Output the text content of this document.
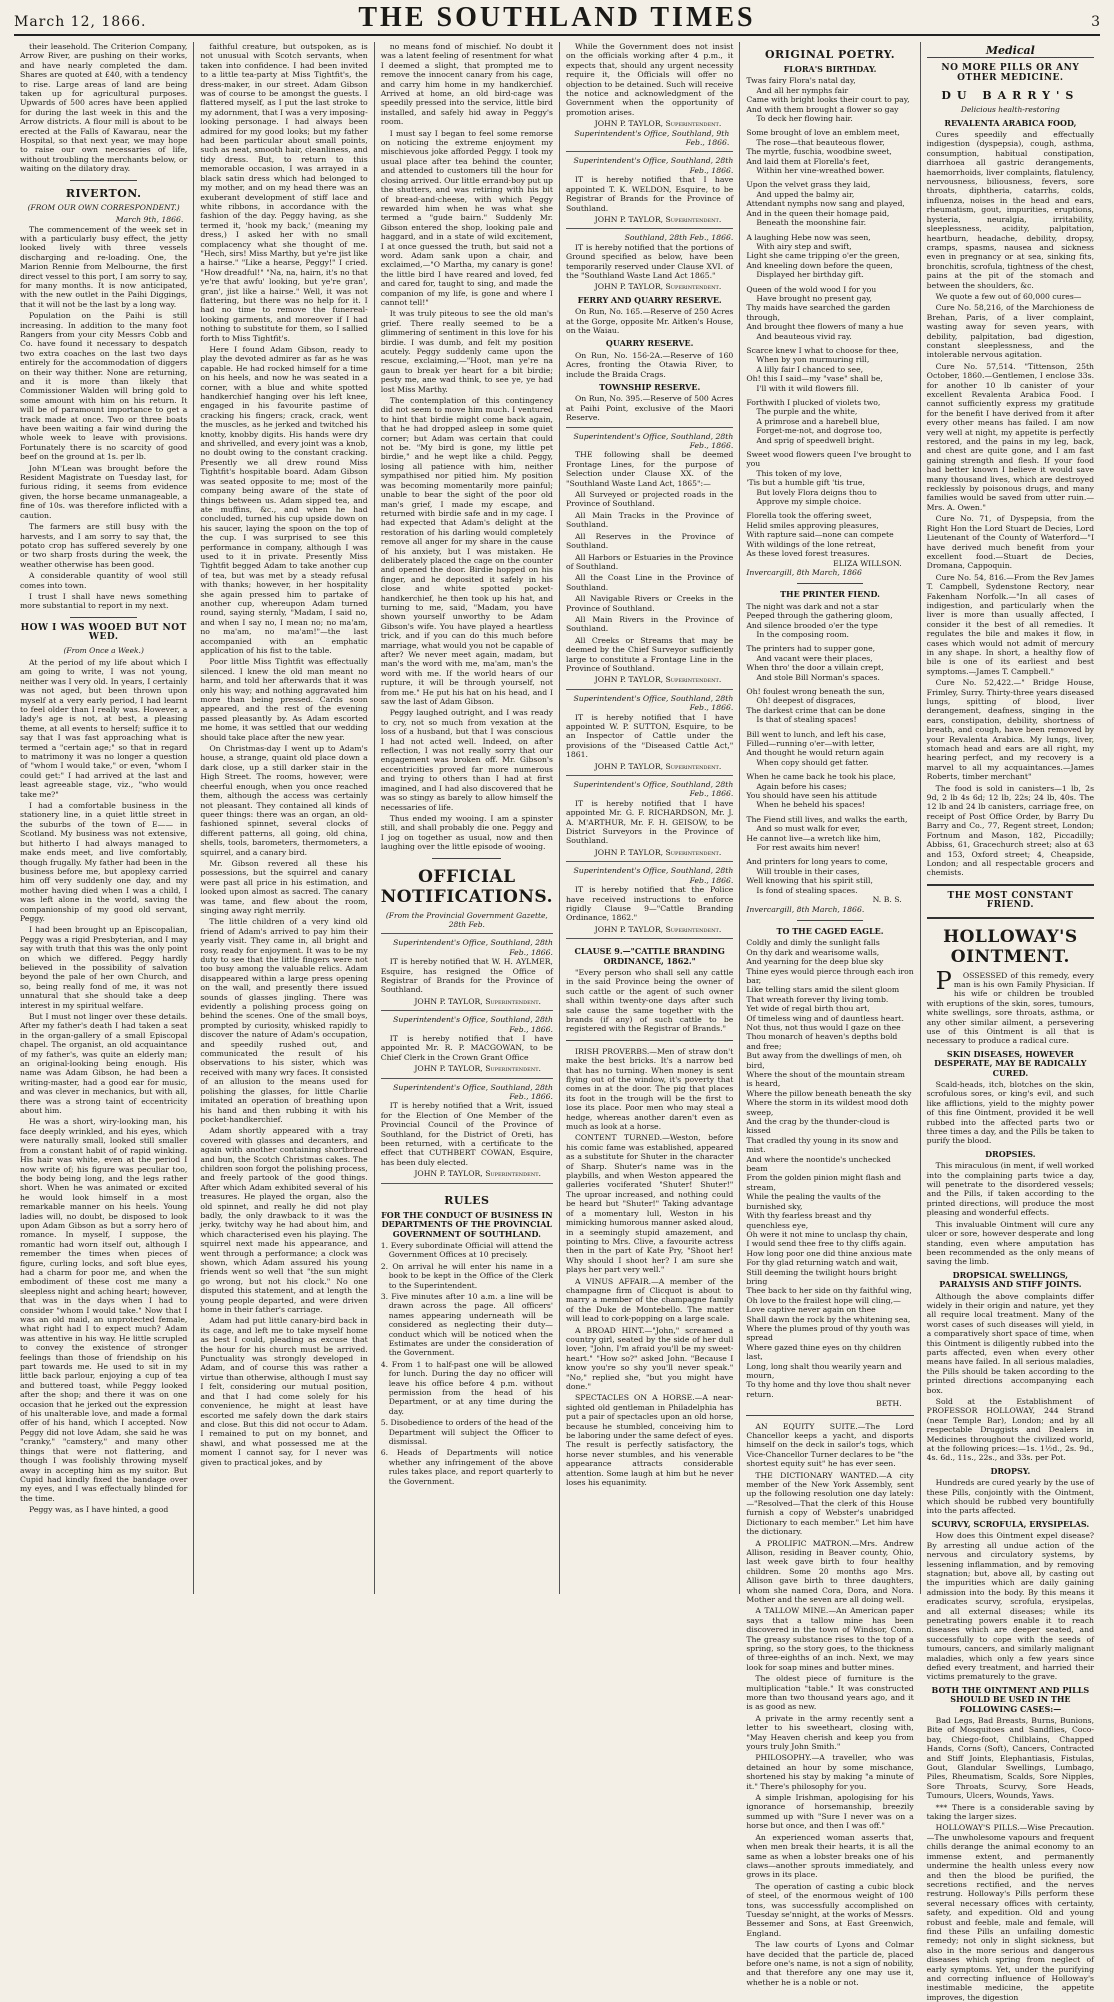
March 12, 1866.	THE SOUTHLAND TIMES	3

their leasehold. The Criterion Company, Arrow River, are pushing on their works, and have nearly completed the dam. Shares are quoted at £40, with a tendency to rise. Large areas of land are being taken up for agricultural purposes. Upwards of 500 acres have been applied for during the last week in this and the Arrow districts. A flour mill is about to be erected at the Falls of Kawarau, near the Hospital, so that next year, we may hope to raise our own necessaries of life, without troubling the merchants below, or waiting on the dilatory dray.

RIVERTON.
(FROM OUR OWN CORRESPONDENT.)
March 9th, 1866.

The commencement of the week set in with a particularly busy effect, the jetty looked lively with three vessels discharging and re-loading. One, the Marion Rennie from Melbourne, the first direct vessel to this port, I am sorry to say, for many months. It is now anticipated, with the new outlet in the Paihi Diggings, that it will not be the last by a long way.

Population on the Paihi is still increasing. In addition to the many foot Rangers from your city Messrs Cobb and Co. have found it necessary to despatch two extra coaches on the last two days entirely for the accommodation of diggers on their way thither. None are returning, and it is more than likely that Commissioner Walden will bring gold to some amount with him on his return. It will be of paramount importance to get a track made at once. Two or three boats have been waiting a fair wind during the whole week to leave with provisions. Fortunately there is no scarcity of good beef on the ground at 1s. per lb.

John M'Lean was brought before the Resident Magistrate on Tuesday last, for furious riding, it seems from evidence given, the horse became unmanageable, a fine of 10s. was therefore inflicted with a caution.

The farmers are still busy with the harvests, and I am sorry to say that, the potato crop has suffered severely by one or two sharp frosts during the week, the weather otherwise has been good.

A considerable quantity of wool still comes into town.

I trust I shall have news something more substantial to report in my next.

HOW I WAS WOOED BUT NOT WED.
(From Once a Week.)

At the period of my life about which I am going to write, I was not young, neither was I very old. In years, I certainly was not aged, but been thrown upon myself at a very early period, I had learnt to feel older than I really was. However, a lady's age is not, at best, a pleasing theme, at all events to herself; suffice it to say that I was fast approaching what is termed a "certain age;" so that in regard to matrimony it was no longer a question of "whom I would take," or even, "whom I could get:" I had arrived at the last and least agreeable stage, viz., "who would take me?"

I had a comfortable business in the stationery line, in a quiet little street in the suburbs of the town of E—— in Scotland. My business was not extensive, but hitherto I had always managed to make ends meet, and live comfortably, though frugally. My father had been in the business before me, but apoplexy carried him off very suddenly one day, and my mother having died when I was a child, I was left alone in the world, saving the companionship of my good old servant, Peggy.

I had been brought up an Episcopalian, Peggy was a rigid Presbyterian, and I may say with truth that this was the only point on which we differed. Peggy hardly believed in the possibility of salvation beyond the pale of her own Church, and so, being really fond of me, it was not unnatural that she should take a deep interest in my spiritual welfare.

But I must not linger over these details. After my father's death I had taken a seat in the organ-gallery of a small Episcopal chapel. The organist, an old acquaintance of my father's, was quite an elderly man; an original-looking being enough. His name was Adam Gibson, he had been a writing-master, had a good ear for music, and was clever in mechanics, but with all, there was a strong taint of eccentricity about him.

He was a short, wiry-looking man, his face deeply wrinkled, and his eyes, which were naturally small, looked still smaller from a constant habit of of rapid winking. His hair was white, even at the period I now write of; his figure was peculiar too, the body being long, and the legs rather short. When he was animated or excited he would look himself in a most remarkable manner on his heels. Young ladies will, no doubt, be disposed to look upon Adam Gibson as but a sorry hero of romance. In myself, I suppose, the romantic had worn itself out, although I remember the times when pieces of figure, curling locks, and soft blue eyes, had a charm for poor me, and when the embodiment of these cost me many a sleepless night and aching heart; however, that was in the days when I had to consider "whom I would take." Now that I was an old maid, an unprotected female, what right had I to expect much? Adam was attentive in his way. He little scrupled to convey the existence of stronger feelings than those of friendship on his part towards me. He used to sit in my little back parlour, enjoying a cup of tea and buttered toast, while Peggy looked after the shop; and there it was on one occasion that he jerked out the expression of his unalterable love, and made a formal offer of his hand, which I accepted. Now Peggy did not love Adam, she said he was "cranky," "camstery," and many other things that were not flattering, and though I was foolishly throwing myself away in accepting him as my suitor. But Cupid had kindly fixed the bandage over my eyes, and I was effectually blinded for the time.

Peggy was, as I have hinted, a good

faithful creature, but outspoken, as is not unusual with Scotch servants, when taken into confidence. I had been invited to a little tea-party at Miss Tightfit's, the dress-maker, in our street. Adam Gibson was of course to be amongst the guests. I flattered myself, as I put the last stroke to my adornment, that I was a very imposing-looking personage. I had always been admired for my good looks; but my father had been particular about small points, such as neat, smooth hair, cleanliness, and tidy dress. But, to return to this memorable occasion, I was arrayed in a black satin dress which had belonged to my mother, and on my head there was an exuberant development of stiff lace and white ribbons, in accordance with the fashion of the day. Peggy having, as she termed it, 'hook my back,' (meaning my dress,) I asked her with no small complacency what she thought of me. "Hech, sirs! Miss Marthy, but ye're jist like a hairse." "Like a hearse, Peggy!" I cried. "How dreadful!" "Na, na, hairn, it's no that ye're that awfu' looking, but ye're gran', gran', jist like a hairse." Well, it was not flattering, but there was no help for it. I had no time to remove the funereal-looking garments, and moreover if I had nothing to substitute for them, so I sallied forth to Miss Tightfit's.

Here I found Adam Gibson, ready to play the devoted admirer as far as he was capable. He had rocked himself for a time on his heels, and now he was seated in a corner, with a blue and white spotted handkerchief hanging over his left knee, engaged in his favourite pastime of cracking his fingers; crack, crack, went the muscles, as he jerked and twitched his knotty, knobby digits. His hands were dry and shrivelled, and every joint was a knob, no doubt owing to the constant cracking. Presently we all drew round Miss Tightfit's hospitable board. Adam Gibson was seated opposite to me; most of the company being aware of the state of things between us. Adam sipped tea, and ate muffins, &c., and when he had concluded, turned his cup upside down on his saucer, laying the spoon on the top of the cup. I was surprised to see this performance in company, although I was used to it in private. Presently Miss Tightfit begged Adam to take another cup of tea, but was met by a steady refusal with thanks; however, in her hospitality she again pressed him to partake of another cup, whereupon Adam turned round, saying sternly, "Madam, I said no, and when I say no, I mean no; no ma'am, no ma'am, no ma'am!"—the last accompanied with an emphatic application of his fist to the table.

Poor little Miss Tightfit was effectually silenced. I knew the old man meant no harm, and told her afterwards that it was only his way; and nothing aggravated him more than being pressed. Cards soon appeared, and the rest of the evening passed pleasantly by. As Adam escorted me home, it was settled that our wedding should take place after the new year.

On Christmas-day I went up to Adam's house, a strange, quaint old place down a dark close, up a still darker stair in the High Street. The rooms, however, were cheerful enough, when you once reached them, although the access was certainly not pleasant. They contained all kinds of queer things: there was an organ, an old-fashioned spinnet, several clocks of different patterns, all going, old china, shells, tools, barometers, thermometers, a squirrel, and a canary bird.

Mr. Gibson revered all these his possessions, but the squirrel and canary were past all price in his estimation, and looked upon almost as sacred. The canary was tame, and flew about the room, singing away right merrily.

The little children of a very kind old friend of Adam's arrived to pay him their yearly visit. They came in, all bright and rosy, ready for enjoyment. It was to be my duty to see that the little fingers were not too busy among the valuable relics. Adam disappeared within a large press opening on the wall, and presently there issued sounds of glasses jingling. There was evidently a polishing process going on behind the scenes. One of the small boys, prompted by curiosity, whisked rapidly to discover the nature of Adam's occupation, and speedily rushed out, and communicated the result of his observations to his sister, which was received with many wry faces. It consisted of an allusion to the means used for polishing the glasses, for little Charlie imitated an operation of breathing upon his hand and then rubbing it with his pocket-handkerchief.

Adam shortly appeared with a tray covered with glasses and decanters, and again with another containing shortbread and bun, the Scotch Christmas cakes. The children soon forgot the polishing process, and freely partook of the good things. After which Adam exhibited several of his treasures. He played the organ, also the old spinnet, and really he did not play badly, the only drawback to it was the jerky, twitchy way he had about him, and which characterised even his playing. The squirrel next made his appearance, and went through a performance; a clock was shown, which Adam assured his young friends went so well that "the sun might go wrong, but not his clock." No one disputed this statement, and at length the young people departed, and were driven home in their father's carriage.

Adam had put little canary-bird back in its cage, and left me to take myself home as best I could, pleading as excuse that the hour for his church must be arrived. Punctuality was strongly developed in Adam, and of course this was rather a virtue than otherwise, although I must say I felt, considering our mutual position, and that I had come solely for his convenience, he might at least have escorted me safely down the dark stairs and close. But this did not occur to Adam. I remained to put on my bonnet, and shawl, and what possessed me at the moment I cannot say, for I never was given to practical jokes, and by

no means fond of mischief. No doubt it was a latent feeling of resentment for what I deemed a slight, that prompted me to remove the innocent canary from his cage, and carry him home in my handkerchief. Arrived at home, an old bird-cage was speedily pressed into the service, little bird installed, and safely hid away in Peggy's room.

I must say I began to feel some remorse on noticing the extreme enjoyment my mischievous joke afforded Peggy. I took my usual place after tea behind the counter, and attended to customers till the hour for closing arrived. Our little errand-boy put up the shutters, and was retiring with his bit of bread-and-cheese, with which Peggy rewarded him when he was what she termed a "gude bairn." Suddenly Mr. Gibson entered the shop, looking pale and haggard, and in a state of wild excitement, I at once guessed the truth, but said not a word. Adam sank upon a chair, and exclaimed,—"O Martha, my canary is gone! the little bird I have reared and loved, fed and cared for, taught to sing, and made the companion of my life, is gone and where I cannot tell!"

It was truly piteous to see the old man's grief. There really seemed to be a glimmering of sentiment in this love for his birdie. I was dumb, and felt my position acutely. Peggy suddenly came upon the rescue, exclaiming,—"Hoot, man ye're na gaun to break yer heart for a bit birdie; pesty me, ane wad think, to see ye, ye had lost Miss Marthy.

The contemplation of this contingency did not seem to move him much. I ventured to hint that birdie might come back again, that he had dropped asleep in some quiet corner; but Adam was certain that could not be. "My bird is gone, my little pet birdie," and he wept like a child. Peggy, losing all patience with him, neither sympathised nor pitied him. My position was becoming momentarily more painful; unable to bear the sight of the poor old man's grief, I made my escape, and returned with birdie safe and in my cage. I had expected that Adam's delight at the restoration of his darling would completely remove all anger for my share in the cause of his anxiety, but I was mistaken. He deliberately placed the cage on the counter and opened the door. Birdie hopped on his finger, and he deposited it safely in his close and white spotted pocket-handkerchief, he then took up his hat, and turning to me, said, "Madam, you have shown yourself unworthy to be Adam Gibson's wife. You have played a heartless trick, and if you can do this much before marriage, what would you not be capable of after? We never meet again, madam, but man's the word with me, ma'am, man's the word with me. If the world hears of our rupture, it will be through yourself, not from me." He put his hat on his head, and I saw the last of Adam Gibson.

Peggy laughed outright, and I was ready to cry, not so much from vexation at the loss of a husband, but that I was conscious I had not acted well. Indeed, on after reflection, I was not really sorry that our engagement was broken off. Mr. Gibson's eccentricities proved far more numerous and trying to others than I had at first imagined, and I had also discovered that he was so stingy as barely to allow himself the necessaries of life.

Thus ended my wooing. I am a spinster still, and shall probably die one. Peggy and I jog on together as usual, now and then laughing over the little episode of wooing.

OFFICIAL NOTIFICATIONS.
(From the Provincial Government Gazette, 28th Feb.
Superintendent's Office, Southland, 28th Feb., 1866.

IT is hereby notified that W. H. AYLMER, Esquire, has resigned the Office of Registrar of Brands for the Province of Southland.

JOHN P. TAYLOR, Superintendent.
Superintendent's Office, Southland, 28th Feb., 1866.

IT is hereby notified that I have appointed Mr. R. P. MACGOWAN, to be Chief Clerk in the Crown Grant Office

JOHN P. TAYLOR, Superintendent.
Superintendent's Office, Southland, 28th Feb., 1866.

IT is hereby notified that a Writ, issued for the Election of One Member of the Provincial Council of the Province of Southland, for the District of Oreti, has been returned, with a certificate to the effect that CUTHBERT COWAN, Esquire, has been duly elected.

JOHN P. TAYLOR, Superintendent.
RULES
FOR THE CONDUCT OF BUSINESS IN DEPARTMENTS OF THE PROVINCIAL GOVERNMENT OF SOUTHLAND.

1. Every subordinate Official will attend the Government Offices at 10 precisely.

2. On arrival he will enter his name in a book to be kept in the Office of the Clerk to the Superintendent.

3. Five minutes after 10 a.m. a line will be drawn across the page. All officers' names appearing underneath will be considered as neglecting their duty—conduct which will be noticed when the Estimates are under the consideration of the Government.

4. From 1 to half-past one will be allowed for lunch. During the day no officer will leave his office before 4 p.m. without permission from the head of his Department, or at any time during the day.

5. Disobedience to orders of the head of the Department will subject the Officer to dismissal.

6. Heads of Departments will notice whether any infringement of the above rules takes place, and report quarterly to the Government.

While the Government does not insist on the officials working after 4 p.m., it expects that, should any urgent necessity require it, the Officials will offer no objection to be detained. Such will receive the notice and acknowledgment of the Government when the opportunity of promotion arises.

JOHN P. TAYLOR, Superintendent.
Superintendent's Office, Southland, 9th Feb., 1866.
Superintendent's Office, Southland, 28th Feb., 1866.

IT is hereby notified that I have appointed T. K. WELDON, Esquire, to be Registrar of Brands for the Province of Southland.

JOHN P. TAYLOR, Superintendent.
Southland, 28th Feb., 1866.

IT is hereby notified that the portions of Ground specified as below, have been temporarily reserved under Clause XVI. of the "Southland Waste Land Act 1865."

JOHN P. TAYLOR, Superintendent.
FERRY AND QUARRY RESERVE.

On Run, No. 165.—Reserve of 250 Acres at the Gorge, opposite Mr. Aitken's House, on the Waiau.

QUARRY RESERVE.

On Run, No. 156-2A.—Reserve of 160 Acres, fronting the Otawia River, to include the Braida Crags.

TOWNSHIP RESERVE.

On Run, No. 395.—Reserve of 500 Acres at Paihi Point, exclusive of the Maori Reserve.

Superintendent's Office, Southland, 28th Feb., 1866.

THE following shall be deemed Frontage Lines, for the purpose of Selection under Clause XX. of the "Southland Waste Land Act, 1865":—

All Surveyed or projected roads in the Province of Southland.

All Main Tracks in the Province of Southland.

All Reserves in the Province of Southland.

All Harbors or Estuaries in the Province of Southland.

All the Coast Line in the Province of Southland.

All Navigable Rivers or Creeks in the Province of Southland.

All Main Rivers in the Province of Southland.

All Creeks or Streams that may be deemed by the Chief Surveyor sufficiently large to constitute a Frontage Line in the Province of Southland.

JOHN P. TAYLOR, Superintendent.
Superintendent's Office, Southland, 28th Feb., 1866.

IT is hereby notified that I have appointed W. P. SUTTON, Esquire, to be an Inspector of Cattle under the provisions of the "Diseased Cattle Act," 1861.

JOHN P. TAYLOR, Superintendent.
Superintendent's Office, Southland, 28th Feb., 1866.

IT is hereby notified that I have appointed Mr. G. F. RICHARDSON, Mr. J. A. M'ARTHUR, Mr. F. H. GEISOW, to be District Surveyors in the Province of Southland.

JOHN P. TAYLOR, Superintendent.
Superintendent's Office, Southland, 28th Feb., 1866.

IT is hereby notified that the Police have received instructions to enforce rigidly Clause 9—"Cattle Branding Ordinance, 1862."

JOHN P. TAYLOR, Superintendent.
CLAUSE 9.—"CATTLE BRANDING ORDINANCE, 1862."

"Every person who shall sell any cattle in the said Province being the owner of such cattle or the agent of such owner shall within twenty-one days after such sale cause the same together with the brands (if any) of such cattle to be registered with the Registrar of Brands."

IRISH PROVERBS.—Men of straw don't make the best bricks. It's a narrow bed that has no turning. When money is sent flying out of the window, it's poverty that comes in at the door. The pig that places its foot in the trough will be the first to lose its place. Poor men who may steal a hedge, whereas another daren't even as much as look at a horse.

CONTENT TURNED.—Weston, before his comic fame was established, appeared as a substitute for Shuter in the character of Sharp. Shuter's name was in the playbills, and when Weston appeared the galleries vociferated "Shuter! Shuter!" The uproar increased, and nothing could be heard but "Shuter!" Taking advantage of a momentary lull, Weston in his mimicking humorous manner asked aloud, in a seemingly stupid amazement, and pointing to Mrs. Clive, a favourite actress then in the part of Kate Pry, "Shoot her! Why should I shoot her? I am sure she plays her part very well."

A VINUS AFFAIR.—A member of the champagne firm of Clicquot is about to marry a member of the champagne family of the Duke de Montebello. The matter will lead to cork-popping on a large scale.

A BROAD HINT.—"John," screamed a country girl, seated by the side of her dull lover, "John, I'm afraid you'll be my sweet-heart." "How so?" asked John. "Because I know you're so shy you'll never speak." "No," replied she, "but you might have done."

SPECTACLES ON A HORSE.—A near-sighted old gentleman in Philadelphia has put a pair of spectacles upon an old horse, because he stumbled, conceiving him to be laboring under the same defect of eyes. The result is perfectly satisfactory, the horse never stumbles, and his venerable appearance attracts considerable attention. Some laugh at him but he never loses his equanimity.

ORIGINAL POETRY.
FLORA'S BIRTHDAY.

Twas fairy Flora's natal day,

And all her nymphs fair

Came with bright looks their court to pay,

And with them brought a flower so gay

To deck her flowing hair.

Some brought of love an emblem meet,

The rose—that beauteous flower,

The myrtle, fuschia, woodbine sweet,

And laid them at Florella's feet,

Within her vine-wreathed bower.

Upon the velvet grass they laid,

And upped the balmy air,

Attendant nymphs now sang and played,

And in the queen their homage paid,

Beneath the moonshine fair.

A laughing Hebe now was seen,

With airy step and swift,

Light she came tripping o'er the green,

And kneeling down before the queen,

Displayed her birthday gift.

Queen of the wold wood I for you

Have brought no present gay,

Thy maids have searched the garden through,

And brought thee flowers of many a hue

And beauteous vivid ray.

Scarce knew I what to choose for thee,

When by yon murmuring rill,

A lilly fair I chanced to see,

Oh! this I said—my "vase" shall be,

I'll with it wild flowers fill.

Forthwith I plucked of violets two,

The purple and the white,

A primrose and a harebell blue,

Forget-me-not, and dogrose too,

And sprig of speedwell bright.

Sweet wood flowers queen I've brought to you

This token of my love,

'Tis but a humble gift 'tis true,

But lovely Flora deigns thou to

Approve my simple choice.

Florella took the offering sweet,

Helid smiles approving pleasures,

With rapture said—none can compete

With wildings of the lone retreat,

As these loved forest treasures.

ELIZA WILLSON.
Invercargill, 8th March, 1866
THE PRINTER FIEND.

The night was dark and not a star

Peeped through the gathering gloom,

And silence brooded o'er the type

In the composing room.

The printers had to supper gone,

And vacant were their places,

When thro' the door a villain crept,

And stole Bill Norman's spaces.

Oh! foulest wrong beneath the sun,

Oh! deepest of disgraces,

The darkest crime that can be done

Is that of stealing spaces!

Bill went to lunch, and left his case,

Filled—running o'er—with letter,

And thought he would return again

When copy should get fatter.

When he came back he took his place,

Again before his cases;

You should have seen his attitude

When he beheld his spaces!

The Fiend still lives, and walks the earth,

And so must walk for ever,

He cannot live—a wretch like him,

For rest awaits him never!

And printers for long years to come,

Will trouble in their cases,

Well knowing that his spirit still,

Is fond of stealing spaces.

N. B. S.
Invercargill, 8th March, 1866.
TO THE CAGED EAGLE.

Coldly and dimly the sunlight falls

On thy dark and wearisome walls,

And yearning for the deep blue sky

Thine eyes would pierce through each iron bar,

Like telling stars amid the silent gloom

That wreath forever thy living tomb.

Yet wide of regal birth thou art,

Of timeless wing and of dauntless heart.

Not thus, not thus would I gaze on thee

Thou monarch of heaven's depths bold and free;

But away from the dwellings of men, oh bird,

Where the shout of the mountain stream is heard,

Where the pillow beneath beneath the sky

Where the storm in its wildest mood doth sweep,

And the crag by the thunder-cloud is kissed

That cradled thy young in its snow and mist.

And where the noontide's unchecked beam

From the golden pinion might flash and stream,

While the pealing the vaults of the burnished sky,

With thy fearless breast and thy quenchless eye,

Oh were it not mine to unclasp thy chain,

I would send thee free to thy cliffs again.

How long poor one did thine anxious mate

For thy glad returning watch and wait,

Still deeming the twilight hours bright bring

Thee back to her side on thy faithful wing,

Oh love to the frailest hope will cling,—

Love captive never again on thee

Shall dawn the rock by the whitening sea,

Where the plumes proud of thy youth was spread

Where gazed thine eyes on thy children last,

Long, long shalt thou wearily yearn and mourn,

To thy home and thy love thou shalt never return.

BETH.

AN EQUITY SUITE.—The Lord Chancellor keeps a yacht, and disports himself on the deck in sailor's togs, which Vice-Chancellor Turner declares to be "the shortest equity suit" he has ever seen.

THE DICTIONARY WANTED.—A city member of the New York Assembly, sent up the following resolution one day lately:—"Resolved—That the clerk of this House furnish a copy of Webster's unabridged Dictionary to each member." Let him have the dictionary.

A PROLIFIC MATRON.—Mrs. Andrew Allison, residing in Beaver county, Ohio, last week gave birth to four healthy children. Some 20 months ago Mrs. Allison gave birth to three daughters, whom she named Cora, Dora, and Nora. Mother and the seven are all doing well.

A TALLOW MINE.—An American paper says that a tallow mine has been discovered in the town of Windsor, Conn. The greasy substance rises to the top of a spring, so the story goes, to the thickness of three-eighths of an inch. Next, we may look for soap mines and butter mines.

The oldest piece of furniture is the multiplication "table." It was constructed more than two thousand years ago, and it is as good as new.

A private in the army recently sent a letter to his sweetheart, closing with, "May Heaven cherish and keep you from yours truly John Smith."

PHILOSOPHY.—A traveller, who was detained an hour by some mischance, shortened his stay by making "a minute of it." There's philosophy for you.

A simple Irishman, apologising for his ignorance of horsemanship, breezily summed up with "Sure I never was on a horse but once, and then I was off."

An experienced woman asserts that, when men break their hearts, it is all the same as when a lobster breaks one of his claws—another sprouts immediately, and grows in its place.

The operation of casting a cubic block of steel, of the enormous weight of 100 tons, was successfully accomplished on Tuesday se'nnight, at the works of Messrs. Bessemer and Sons, at East Greenwich, England.

The law courts of Lyons and Colmar have decided that the particle de, placed before one's name, is not a sign of nobility, and that therefore any one may use it, whether he is a noble or not.

Medical
NO MORE PILLS OR ANY OTHER MEDICINE.
DU BARRY'S
Delicious health-restoring
REVALENTA ARABICA FOOD,

Cures speedily and effectually indigestion (dyspepsia), cough, asthma, consumption, habitual constipation, diarrhoea all gastric derangements, haemorrhoids, liver complaints, flatulency, nervousness, biliousness, fevers, sore throats, diphtheria, catarrhs, colds, influenza, noises in the head and ears, rheumatism, gout, impurities, eruptions, hysteria, neuralgia, irritability, sleeplessness, acidity, palpitation, heartburn, headache, debility, dropsy, cramps, spasms, nausea and sickness even in pregnancy or at sea, sinking fits, bronchitis, scrofula, tightness of the chest, pains at the pit of the stomach and between the shoulders, &c.

We quote a few out of 60,000 cures—

Cure No. 58,216, of the Marchioness de Brehan, Paris, of a liver complaint, wasting away for seven years, with debility, palpitation, bad digestion, constant sleeplessness, and the intolerable nervous agitation.

Cure No. 57,514. "Tittenson, 25th October, 1860.—Gentlemen, I enclose 33s. for another 10 lb canister of your excellent Revalenta Arabica Food. I cannot sufficiently express my gratitude for the benefit I have derived from it after every other means has failed. I am now very well at night, my appetite is perfectly restored, and the pains in my leg, back, and chest are quite gone, and I am fast gaining strength and flesh. If your food had better known I believe it would save many thousand lives, which are destroyed recklessly by poisonous drugs, and many families would be saved from utter ruin.—Mrs. A. Owen."

Cure No. 71, of Dyspepsia, from the Right Hon the Lord Stuart de Decies, Lord Lieutenant of the County of Waterford—"I have derived much benefit from your excellent food.—Stuart de Decies, Dromana, Cappoquin.

Cure No. 54, 816.—From the Rev James T. Campbell, Sydenstone Rectory, near Fakenham Norfolk.—"In all cases of indigestion, and particularly when the liver is more than usually affected, I consider it the best of all remedies. It regulates the bile and makes it flow, in cases which would not admit of mercury in any shape. In short, a healthy flow of bile is one of its earliest and best symptoms.—James T. Campbell."

Cure No. 52,422.—" Bridge House, Frimley, Surry. Thirty-three years diseased lungs, spitting of blood, liver derangement, deafness, singing in the ears, constipation, debility, shortness of breath, and cough, have been removed by your Revalenta Arabica. My lungs, liver, stomach head and ears are all right, my hearing perfect, and my recovery is a marvel to all my acquaintances.—James Roberts, timber merchant"

The food is sold in canisters—1 lb, 2s 9d, 2 lb 4s 6d; 12 lb, 22s; 24 lb, 40s. The 12 lb and 24 lb canisters, carriage free, on receipt of Post Office Order, by Barry Du Barry and Co., 77, Regent street, London; Fortnum and Mason, 182, Piccadilly; Abbiss, 61, Gracechurch street; also at 63 and 153, Oxford street; 4, Cheapside, London; and all respectable grocers and chemists.

THE MOST CONSTANT FRIEND.
HOLLOWAY'S OINTMENT.

POSSESSED of this remedy, every man is his own Family Physician. If his wife or children be troubled with eruptions of the skin, sores, tumours, white swellings, sore throats, asthma, or any other similar ailment, a persevering use of this Ointment is all that is necessary to produce a radical cure.

SKIN DISEASES, HOWEVER DESPERATE, MAY BE RADICALLY CURED.

Scald-heads, itch, blotches on the skin, scrofulous sores, or king's evil, and such like afflictions, yield to the mighty power of this fine Ointment, provided it be well rubbed into the affected parts two or three times a day, and the Pills be taken to purify the blood.

DROPSIES.

This miraculous (in ment, if well worked into the complaining parts twice a day, will penetrate to the disordered vessels; and the Pills, if taken according to the printed directions, will produce the most pleasing and wonderful effects.

This invaluable Ointment will cure any ulcer or sore, however desperate and long standing, even where amputation has been recommended as the only means of saving the limb.

DROPSICAL SWELLINGS, PARALYSIS AND STIFF JOINTS.

Although the above complaints differ widely in their origin and nature, yet they all require local treatment. Many of the worst cases of such diseases will yield, in a comparatively short space of time, when this Ointment is diligently rubbed into the parts affected, even when every other means have failed. In all serious maladies, the Pills should be taken according to the printed directions accompanying each box.

Sold at the Establishment of PROFESSOR HOLLOWAY, 244 Strand (near Temple Bar), London; and by all respectable Druggists and Dealers in Medicines throughout the civilized world, at the following prices:—1s. 1½d., 2s. 9d., 4s. 6d., 11s., 22s., and 33s. per Pot.

DROPSY.

Hundreds are cured yearly by the use of these Pills, conjointly with the Ointment, which should be rubbed very bountifully into the parts affected.

SCURVY, SCROFULA, ERYSIPELAS.

How does this Ointment expel disease? By arresting all undue action of the nervous and circulatory systems, by lessening inflammation, and by removing stagnation; but, above all, by casting out the impurities which are daily gaining admission into the body. By this means it eradicates scurvy, scrofula, erysipelas, and all external diseases; while its penetrating powers enable it to reach diseases which are deeper seated, and successfully to cope with the seeds of tumours, cancers, and similarly malignant maladies, which only a few years since defied every treatment, and harried their victims prematurely to the grave.

BOTH THE OINTMENT AND PILLS SHOULD BE USED IN THE FOLLOWING CASES:—

Bad Legs, Bad Breasts, Burns, Bunions, Bite of Mosquitoes and Sandflies, Coco-bay, Chiego-foot, Chilblains, Chapped Hands, Corns (Soft), Cancers, Contracted and Stiff Joints, Elephantiasis, Fistulas, Gout, Glandular Swellings, Lumbago, Piles, Rheumatism, Scalds, Sore Nipples, Sore Throats, Scurvy, Sore Heads, Tumours, Ulcers, Wounds, Yaws.

*** There is a considerable saving by taking the larger sizes.

HOLLOWAY'S PILLS.—Wise Precaution.—The unwholesome vapours and frequent chills derange the animal economy to an immense extent, and permanently undermine the health unless every now and then the blood be purified, the secretions rectified, and the nerves restrung. Holloway's Pills perform these several necessary offices with certainty, safety, and expedition. Old and young robust and feeble, male and female, will find these Pills an unfailing domestic remedy; not only in slight sickness, but also in the more serious and dangerous diseases which spring from neglect of early symptoms. Yet, under the purifying and correcting influence of Holloway's inestimable medicine, the appetite improves, the digestion
